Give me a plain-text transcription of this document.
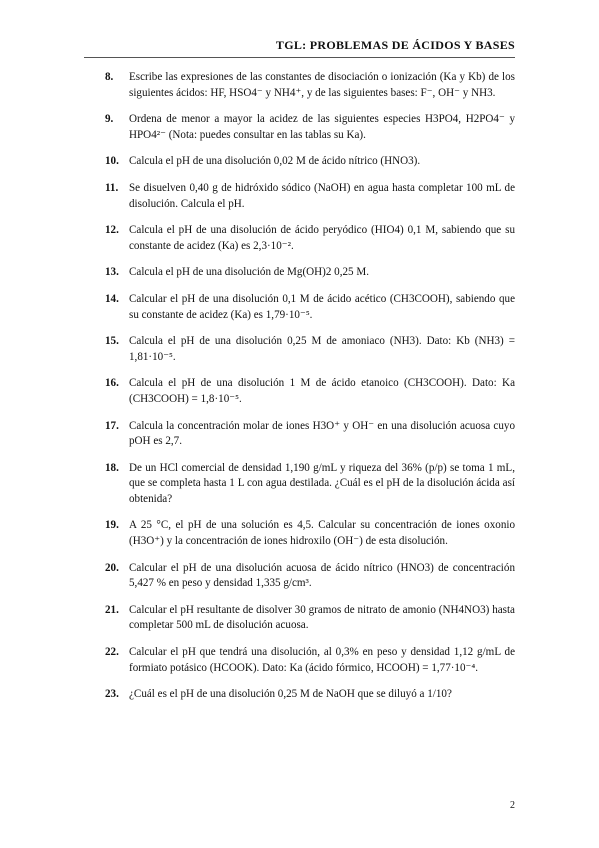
TGL: PROBLEMAS DE ÁCIDOS Y BASES
8.	Escribe las expresiones de las constantes de disociación o ionización (Ka y Kb) de los siguientes ácidos: HF, HSO4⁻ y NH4⁺, y de las siguientes bases: F⁻, OH⁻ y NH3.
9.	Ordena de menor a mayor la acidez de las siguientes especies H3PO4, H2PO4⁻ y HPO4²⁻ (Nota: puedes consultar en las tablas su Ka).
10. Calcula el pH de una disolución 0,02 M de ácido nítrico (HNO3).
11. Se disuelven 0,40 g de hidróxido sódico (NaOH) en agua hasta completar 100 mL de disolución. Calcula el pH.
12. Calcula el pH de una disolución de ácido peryódico (HIO4) 0,1 M, sabiendo que su constante de acidez (Ka) es 2,3·10⁻².
13. Calcula el pH de una disolución de Mg(OH)2 0,25 M.
14. Calcular el pH de una disolución 0,1 M de ácido acético (CH3COOH), sabiendo que su constante de acidez (Ka) es 1,79·10⁻⁵.
15. Calcula el pH de una disolución 0,25 M de amoniaco (NH3). Dato: Kb (NH3) = 1,81·10⁻⁵.
16. Calcula el pH de una disolución 1 M de ácido etanoico (CH3COOH). Dato: Ka (CH3COOH) = 1,8·10⁻⁵.
17. Calcula la concentración molar de iones H3O⁺ y OH⁻ en una disolución acuosa cuyo pOH es 2,7.
18. De un HCl comercial de densidad 1,190 g/mL y riqueza del 36% (p/p) se toma 1 mL, que se completa hasta 1 L con agua destilada. ¿Cuál es el pH de la disolución ácida así obtenida?
19. A 25 °C, el pH de una solución es 4,5. Calcular su concentración de iones oxonio (H3O⁺) y la concentración de iones hidroxilo (OH⁻) de esta disolución.
20. Calcular el pH de una disolución acuosa de ácido nítrico (HNO3) de concentración 5,427 % en peso y densidad 1,335 g/cm³.
21. Calcular el pH resultante de disolver 30 gramos de nitrato de amonio (NH4NO3) hasta completar 500 mL de disolución acuosa.
22. Calcular el pH que tendrá una disolución, al 0,3% en peso y densidad 1,12 g/mL de formiato potásico (HCOOK). Dato: Ka (ácido fórmico, HCOOH) = 1,77·10⁻⁴.
23. ¿Cuál es el pH de una disolución 0,25 M de NaOH que se diluyó a 1/10?
2
